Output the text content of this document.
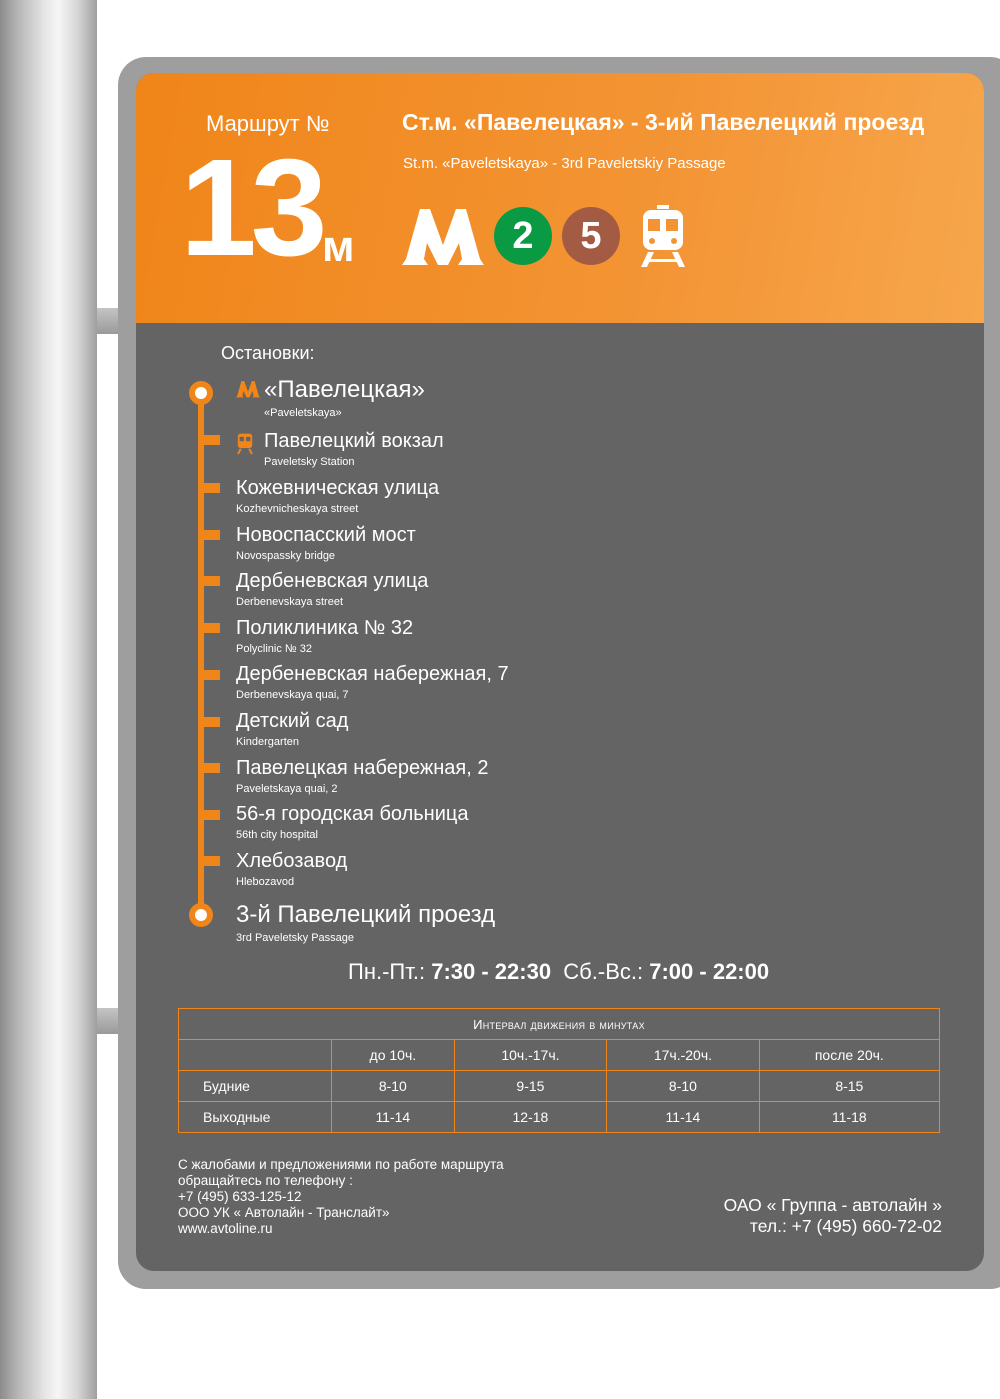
Маршрут №
13 м
Ст.м. «Павелецкая» - 3-ий Павелецкий проезд
St.m. «Paveletskaya» - 3rd Paveletskiy Passage
2	5
Остановки:
«Павелецкая»
«Paveletskaya»
Павелецкий вокзал
Paveletsky Station
Кожевническая улица
Kozhevnicheskaya street
Новоспасский мост
Novospassky bridge
Дербеневская улица
Derbenevskaya street
Поликлиника № 32
Polyclinic № 32
Дербеневская набережная, 7
Derbenevskaya quai, 7
Детский сад
Kindergarten
Павелецкая набережная, 2
Paveletskaya quai, 2
56-я городская больница
56th city hospital
Хлебозавод
Hlebozavod
3-й Павелецкий проезд
3rd Paveletsky Passage
Пн.-Пт.: 7:30 - 22:30 Сб.-Вс.: 7:00 - 22:00
Интервал движения в минутах				
	до 10ч.	10ч.-17ч.	17ч.-20ч.	после 20ч.
Будние	8-10	9-15	8-10	8-15
Выходные	11-14	12-18	11-14	11-18
С жалобами и предложениями по работе маршрута
обращайтесь по телефону :
+7 (495) 633-125-12
ООО УК « Автолайн - Транслайт»
www.avtoline.ru
ОАО « Группа - автолайн »
тел.: +7 (495) 660-72-02
